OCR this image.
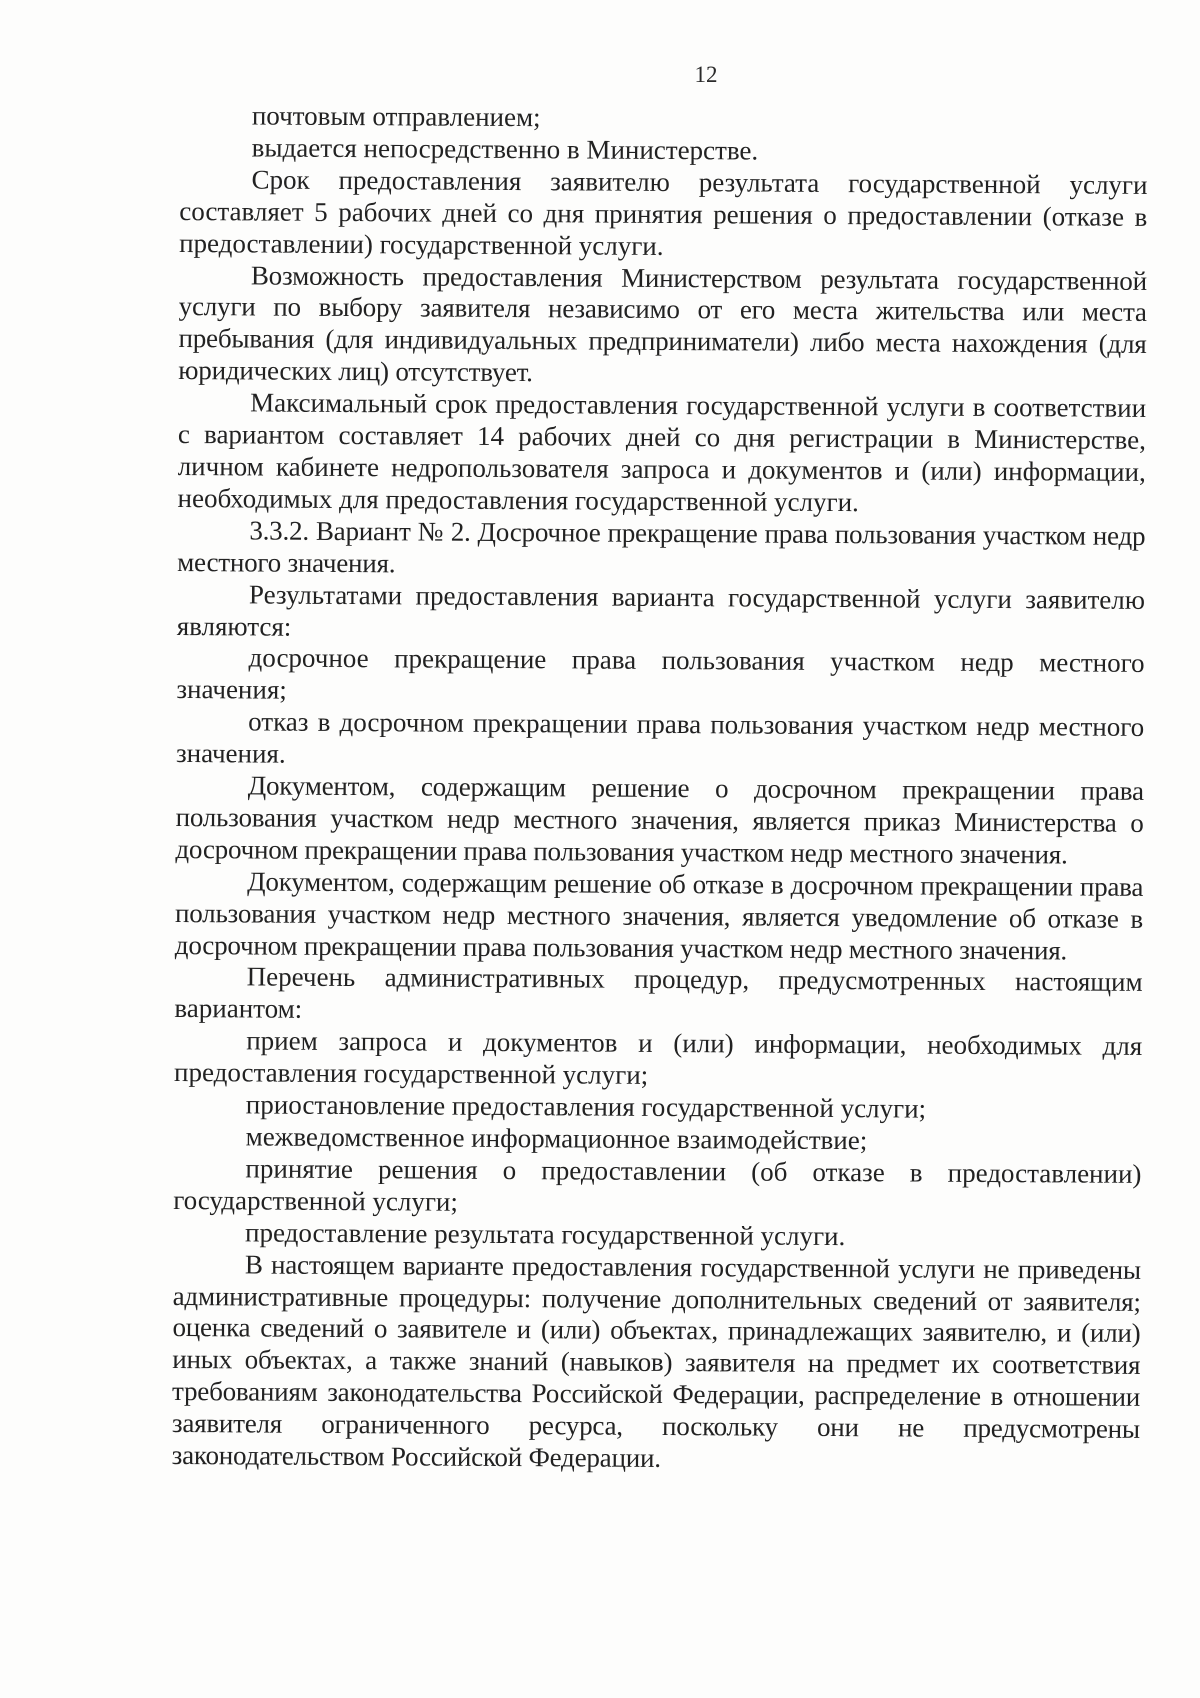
12

почтовым отправлением;

выдается непосредственно в Министерстве.

Срок предоставления заявителю результата государственной услуги составляет 5 рабочих дней со дня принятия решения о предоставлении (отказе в предоставлении) государственной услуги.

Возможность предоставления Министерством результата государственной услуги по выбору заявителя независимо от его места жительства или места пребывания (для индивидуальных предприниматели) либо места нахождения (для юридических лиц) отсутствует.

Максимальный срок предоставления государственной услуги в соответствии с вариантом составляет 14 рабочих дней со дня регистрации в Министерстве, личном кабинете недропользователя запроса и документов и (или) информации, необходимых для предоставления государственной услуги.

3.3.2. Вариант № 2. Досрочное прекращение права пользования участком недр местного значения.

Результатами предоставления варианта государственной услуги заявителю являются:

досрочное прекращение права пользования участком недр местного значения;

отказ в досрочном прекращении права пользования участком недр местного значения.

Документом, содержащим решение о досрочном прекращении права пользования участком недр местного значения, является приказ Министерства о досрочном прекращении права пользования участком недр местного значения.

Документом, содержащим решение об отказе в досрочном прекращении права пользования участком недр местного значения, является уведомление об отказе в досрочном прекращении права пользования участком недр местного значения.

Перечень административных процедур, предусмотренных настоящим вариантом:

прием запроса и документов и (или) информации, необходимых для предоставления государственной услуги;

приостановление предоставления государственной услуги;

межведомственное информационное взаимодействие;

принятие решения о предоставлении (об отказе в предоставлении) государственной услуги;

предоставление результата государственной услуги.

В настоящем варианте предоставления государственной услуги не приведены административные процедуры: получение дополнительных сведений от заявителя; оценка сведений о заявителе и (или) объектах, принадлежащих заявителю, и (или) иных объектах, а также знаний (навыков) заявителя на предмет их соответствия требованиям законодательства Российской Федерации, распределение в отношении заявителя ограниченного ресурса, поскольку они не предусмотрены законодательством Российской Федерации.
